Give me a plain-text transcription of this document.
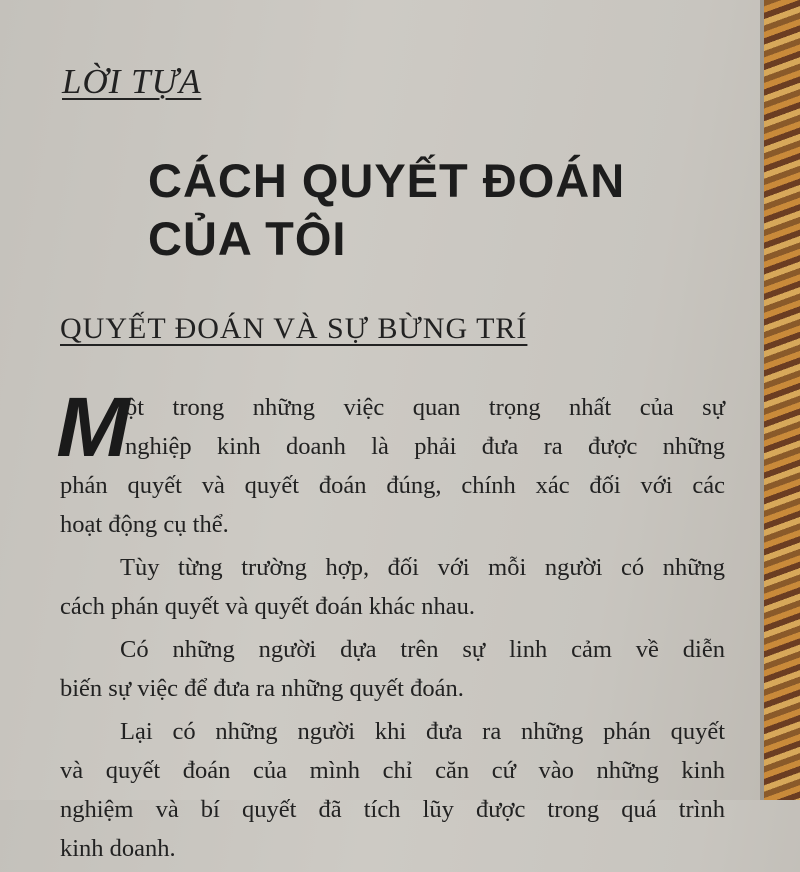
LỜI TỰA
CÁCH QUYẾT ĐOÁN
CỦA TÔI
QUYẾT ĐOÁN VÀ SỰ BỪNG TRÍ
M
ột trong những việc quan trọng nhất của sự
nghiệp kinh doanh là phải đưa ra được những
phán quyết và quyết đoán đúng, chính xác đối với các
hoạt động cụ thể.
Tùy từng trường hợp, đối với mỗi người có những
cách phán quyết và quyết đoán khác nhau.
Có những người dựa trên sự linh cảm về diễn
biến sự việc để đưa ra những quyết đoán.
Lại có những người khi đưa ra những phán quyết
và quyết đoán của mình chỉ căn cứ vào những kinh
nghiệm và bí quyết đã tích lũy được trong quá trình
kinh doanh.
